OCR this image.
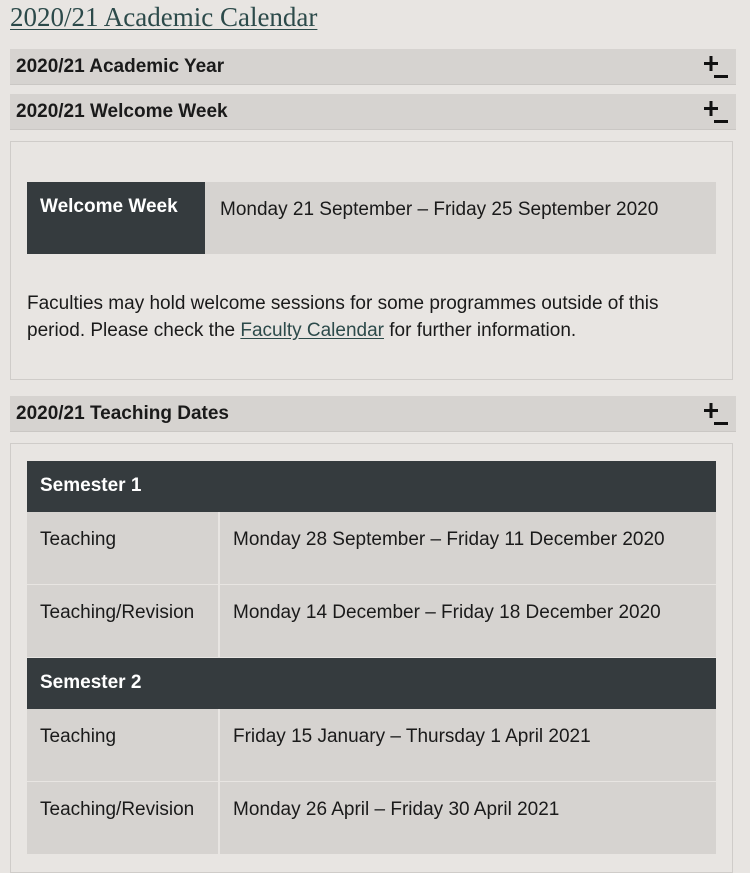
2020/21 Academic Calendar
2020/21 Academic Year
2020/21 Welcome Week
Welcome Week	Monday 21 September – Friday 25 September 2020
Faculties may hold welcome sessions for some programmes outside of this period. Please check the Faculty Calendar for further information.
2020/21 Teaching Dates
Semester 1
Teaching	Monday 28 September – Friday 11 December 2020
Teaching/Revision	Monday 14 December – Friday 18 December 2020
Semester 2
Teaching	Friday 15 January – Thursday 1 April 2021
Teaching/Revision	Monday 26 April – Friday 30 April 2021
